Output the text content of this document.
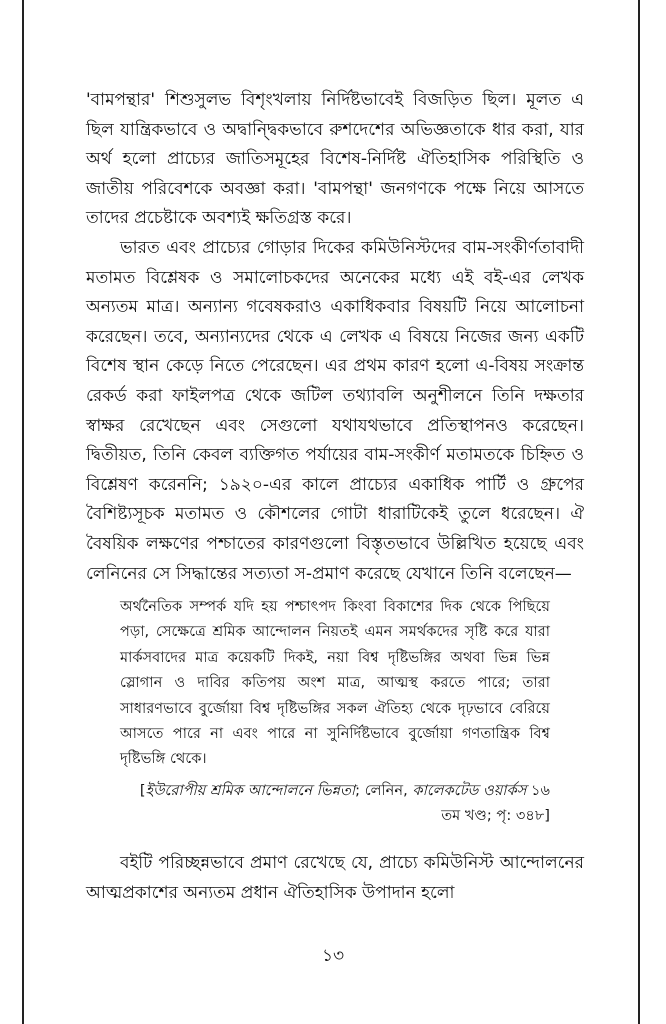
'বামপন্থার' শিশুসুলভ বিশৃংখলায় নির্দিষ্টভাবেই বিজড়িত ছিল। মূলত এ ছিল যান্ত্রিকভাবে ও অদ্বান্দ্বিকভাবে রুশদেশের অভিজ্ঞতাকে ধার করা, যার অর্থ হলো প্রাচ্যের জাতিসমূহের বিশেষ-নির্দিষ্ট ঐতিহাসিক পরিস্থিতি ও জাতীয় পরিবেশকে অবজ্ঞা করা। 'বামপন্থা' জনগণকে পক্ষে নিয়ে আসতে তাদের প্রচেষ্টাকে অবশ্যই ক্ষতিগ্রস্ত করে।

ভারত এবং প্রাচ্যের গোড়ার দিকের কমিউনিস্টদের বাম-সংকীর্ণতাবাদী মতামত বিশ্লেষক ও সমালোচকদের অনেকের মধ্যে এই বই-এর লেখক অন্যতম মাত্র। অন্যান্য গবেষকরাও একাধিকবার বিষয়টি নিয়ে আলোচনা করেছেন। তবে, অন্যান্যদের থেকে এ লেখক এ বিষয়ে নিজের জন্য একটি বিশেষ স্থান কেড়ে নিতে পেরেছেন। এর প্রথম কারণ হলো এ-বিষয় সংক্রান্ত রেকর্ড করা ফাইলপত্র থেকে জটিল তথ্যাবলি অনুশীলনে তিনি দক্ষতার স্বাক্ষর রেখেছেন এবং সেগুলো যথাযথভাবে প্রতিস্থাপনও করেছেন। দ্বিতীয়ত, তিনি কেবল ব্যক্তিগত পর্যায়ের বাম-সংকীর্ণ মতামতকে চিহ্নিত ও বিশ্লেষণ করেননি; ১৯২০-এর কালে প্রাচ্যের একাধিক পার্টি ও গ্রুপের বৈশিষ্ট্যসূচক মতামত ও কৌশলের গোটা ধারাটিকেই তুলে ধরেছেন। ঐ বৈষয়িক লক্ষণের পশ্চাতের কারণগুলো বিস্তৃতভাবে উল্লিখিত হয়েছে এবং লেনিনের সে সিদ্ধান্তের সত্যতা স-প্রমাণ করেছে যেখানে তিনি বলেছেন—

অর্থনৈতিক সম্পর্ক যদি হয় পশ্চাৎপদ কিংবা বিকাশের দিক থেকে পিছিয়ে পড়া, সেক্ষেত্রে শ্রমিক আন্দোলন নিয়তই এমন সমর্থকদের সৃষ্টি করে যারা মার্কসবাদের মাত্র কয়েকটি দিকই, নয়া বিশ্ব দৃষ্টিভঙ্গির অথবা ভিন্ন ভিন্ন স্লোগান ও দাবির কতিপয় অংশ মাত্র, আত্মস্থ করতে পারে; তারা সাধারণভাবে বুর্জোয়া বিশ্ব দৃষ্টিভঙ্গির সকল ঐতিহ্য থেকে দৃঢ়ভাবে বেরিয়ে আসতে পারে না এবং পারে না সুনির্দিষ্টভাবে বুর্জোয়া গণতান্ত্রিক বিশ্ব দৃষ্টিভঙ্গি থেকে।

[ইউরোপীয় শ্রমিক আন্দোলনে ভিন্নতা; লেনিন, কালেকটেড ওয়ার্কস ১৬ তম খণ্ড; পৃ: ৩৪৮]

বইটি পরিচ্ছন্নভাবে প্রমাণ রেখেছে যে, প্রাচ্যে কমিউনিস্ট আন্দোলনের আত্মপ্রকাশের অন্যতম প্রধান ঐতিহাসিক উপাদান হলো

১৩
